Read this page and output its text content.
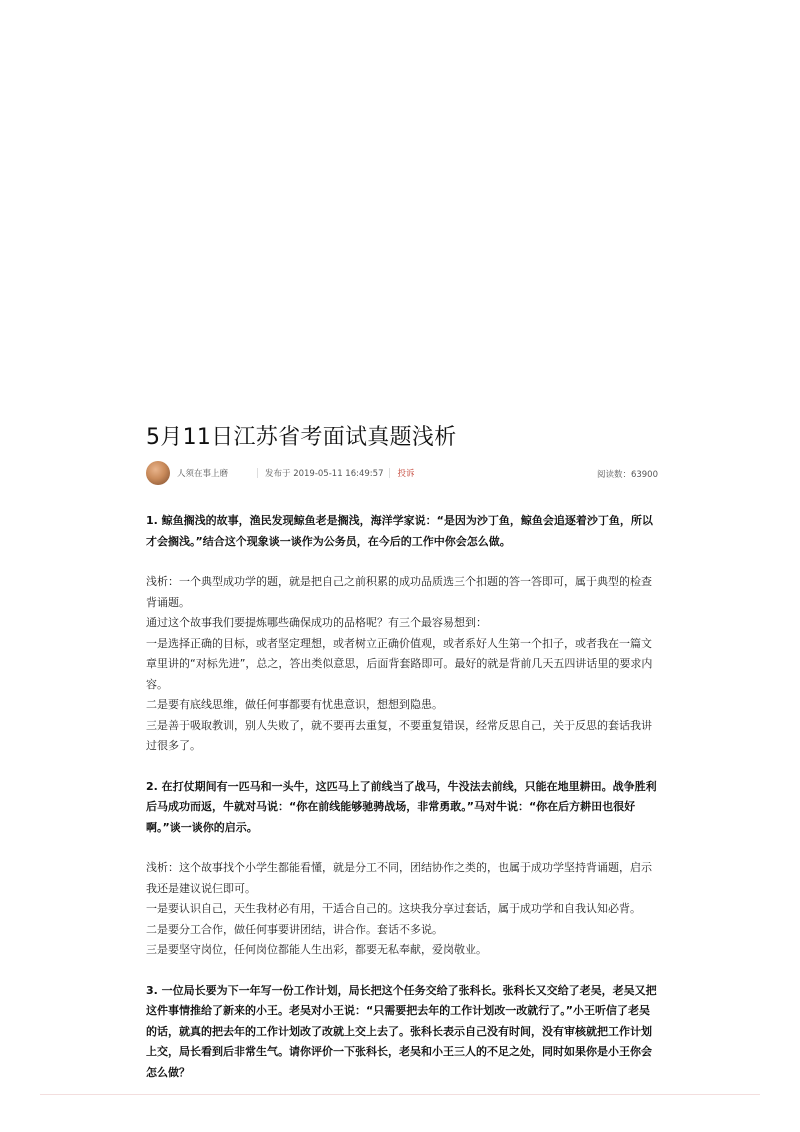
5月11日江苏省考面试真题浅析
人须在事上磨	发布于 2019-05-11 16:49:57 投诉	阅读数：63900

1. 鲸鱼搁浅的故事，渔民发现鲸鱼老是搁浅，海洋学家说：“是因为沙丁鱼，鲸鱼会追逐着沙丁鱼，所以才会搁浅。”结合这个现象谈一谈作为公务员，在今后的工作中你会怎么做。

浅析：一个典型成功学的题，就是把自己之前积累的成功品质选三个扣题的答一答即可，属于典型的检查背诵题。

通过这个故事我们要提炼哪些确保成功的品格呢？有三个最容易想到：

一是选择正确的目标，或者坚定理想，或者树立正确价值观，或者系好人生第一个扣子，或者我在一篇文章里讲的“对标先进”，总之，答出类似意思，后面背套路即可。最好的就是背前几天五四讲话里的要求内容。

二是要有底线思维，做任何事都要有忧患意识，想想到隐患。

三是善于吸取教训，别人失败了，就不要再去重复，不要重复错误，经常反思自己，关于反思的套话我讲过很多了。

2. 在打仗期间有一匹马和一头牛，这匹马上了前线当了战马，牛没法去前线，只能在地里耕田。战争胜利后马成功而返，牛就对马说：“你在前线能够驰骋战场，非常勇敢。”马对牛说：“你在后方耕田也很好啊。”谈一谈你的启示。

浅析：这个故事找个小学生都能看懂，就是分工不同，团结协作之类的，也属于成功学坚持背诵题，启示我还是建议说仨即可。

一是要认识自己，天生我材必有用，干适合自己的。这块我分享过套话，属于成功学和自我认知必背。

二是要分工合作，做任何事要讲团结，讲合作。套话不多说。

三是要坚守岗位，任何岗位都能人生出彩，都要无私奉献，爱岗敬业。

3. 一位局长要为下一年写一份工作计划，局长把这个任务交给了张科长。张科长又交给了老吴，老吴又把这件事情推给了新来的小王。老吴对小王说：“只需要把去年的工作计划改一改就行了。”小王听信了老吴的话，就真的把去年的工作计划改了改就上交上去了。张科长表示自己没有时间，没有审核就把工作计划上交，局长看到后非常生气。请你评价一下张科长，老吴和小王三人的不足之处，同时如果你是小王你会怎么做？
